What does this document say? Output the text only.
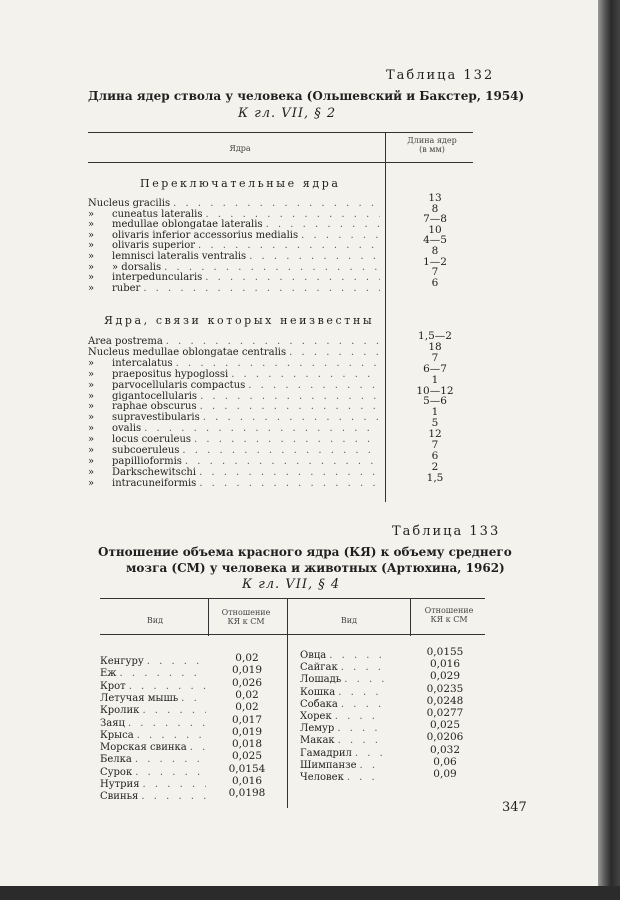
Таблица 132
Длина ядер ствола у человека (Ольшевский и Бакстер, 1954)
К гл. VII, § 2
Ядра
Длина ядер
(в мм)
Переключательные ядра
Nucleus gracilis . . .	13
»	cuneatus lateralis . . .	8
»	medullae oblongatae lateralis . . .	7—8
»	olivaris inferior accessorius medialis . . .	10
»	olivaris superior . . .	4—5
»	lemnisci lateralis ventralis . . .	8
»	» dorsalis . . .	1—2
»	interpeduncularis . . .	7
»	ruber . . .	6
Ядра, связи которых неизвестны
Area postrema . . .	1,5—2
Nucleus medullae oblongatae centralis . . .	18
»	intercalatus . . .	7
»	praepositus hypoglossi . . .	6—7
»	parvocellularis compactus . . .	1
»	gigantocellularis . . .	10—12
»	raphae obscurus . . .	5—6
»	supravestibularis . . .	1
»	ovalis . . .	5
»	locus coeruleus . . .	12
»	subcoeruleus . . .	7
»	papillioformis . . .	6
»	Darkschewitschi . . .	2
»	intracuneiformis . . .	1,5
Таблица 133
Отношение объема красного ядра (КЯ) к объему среднего
мозга (СМ) у человека и животных (Артюхина, 1962)
К гл. VII, § 4
Вид
Отношение
КЯ к СМ	Вид
Отношение
КЯ к СМ
Кенгуру . . .	0,02
Еж . . .	0,019
Крот . . .	0,026
Летучая мышь . . .	0,02
Кролик . . .	0,02
Заяц . . .	0,017
Крыса . . .	0,019
Морская свинка . . .	0,018
Белка . . .	0,025
Сурок . . .	0,0154
Нутрия . . .	0,016
Свинья . . .	0,0198
Овца . . .	0,0155
Сайгак . . .	0,016
Лошадь . . .	0,029
Кошка . . .	0,0235
Собака . . .	0,0248
Хорек . . .	0,0277
Лемур . . .	0,025
Макак . . .	0,0206
Гамадрил . . .	0,032
Шимпанзе . . .	0,06
Человек . . .	0,09
347
